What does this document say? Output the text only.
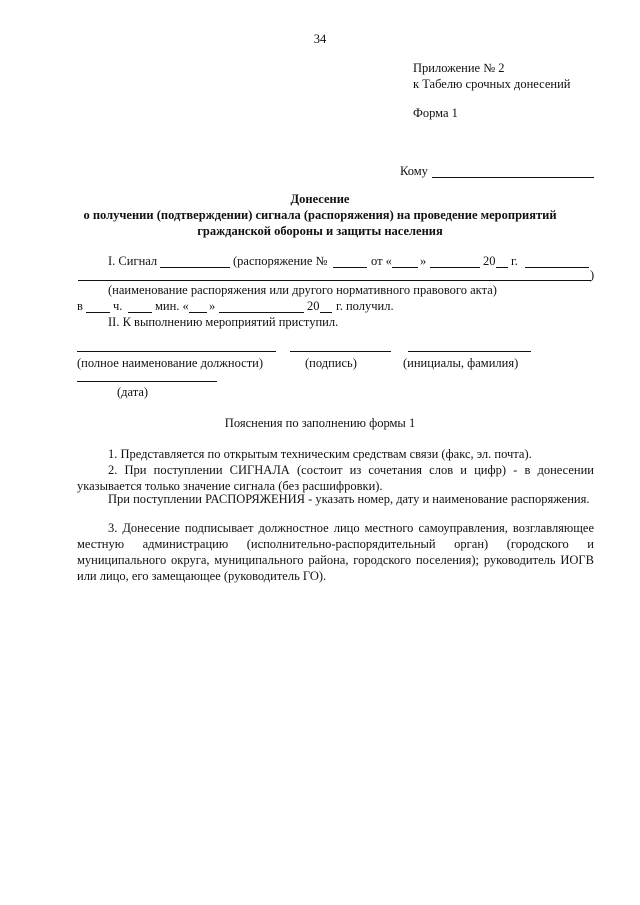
34
Приложение № 2
к Табелю срочных донесений
Форма 1
Кому
Донесение
о получении (подтверждении) сигнала (распоряжения) на проведение мероприятий
гражданской обороны и защиты населения
I. Сигнал	(распоряжение №	от « »	20 г.
)
(наименование распоряжения или другого нормативного правового акта)
в ч.	мин. « »	20 г. получил.
II. К выполнению мероприятий приступил.
(полное наименование должности)	(подпись)	(инициалы, фамилия)
(дата)
Пояснения по заполнению формы 1
1. Представляется по открытым техническим средствам связи (факс, эл. почта).
2. При поступлении СИГНАЛА (состоит из сочетания слов и цифр) - в донесении указывается только значение сигнала (без расшифровки).
При поступлении РАСПОРЯЖЕНИЯ - указать номер, дату и наименование распоряжения.
3. Донесение подписывает должностное лицо местного самоуправления, возглавляющее местную администрацию (исполнительно-распорядительный орган) (городского и муниципального округа, муниципального района, городского поселения); руководитель ИОГВ или лицо, его замещающее (руководитель ГО).
